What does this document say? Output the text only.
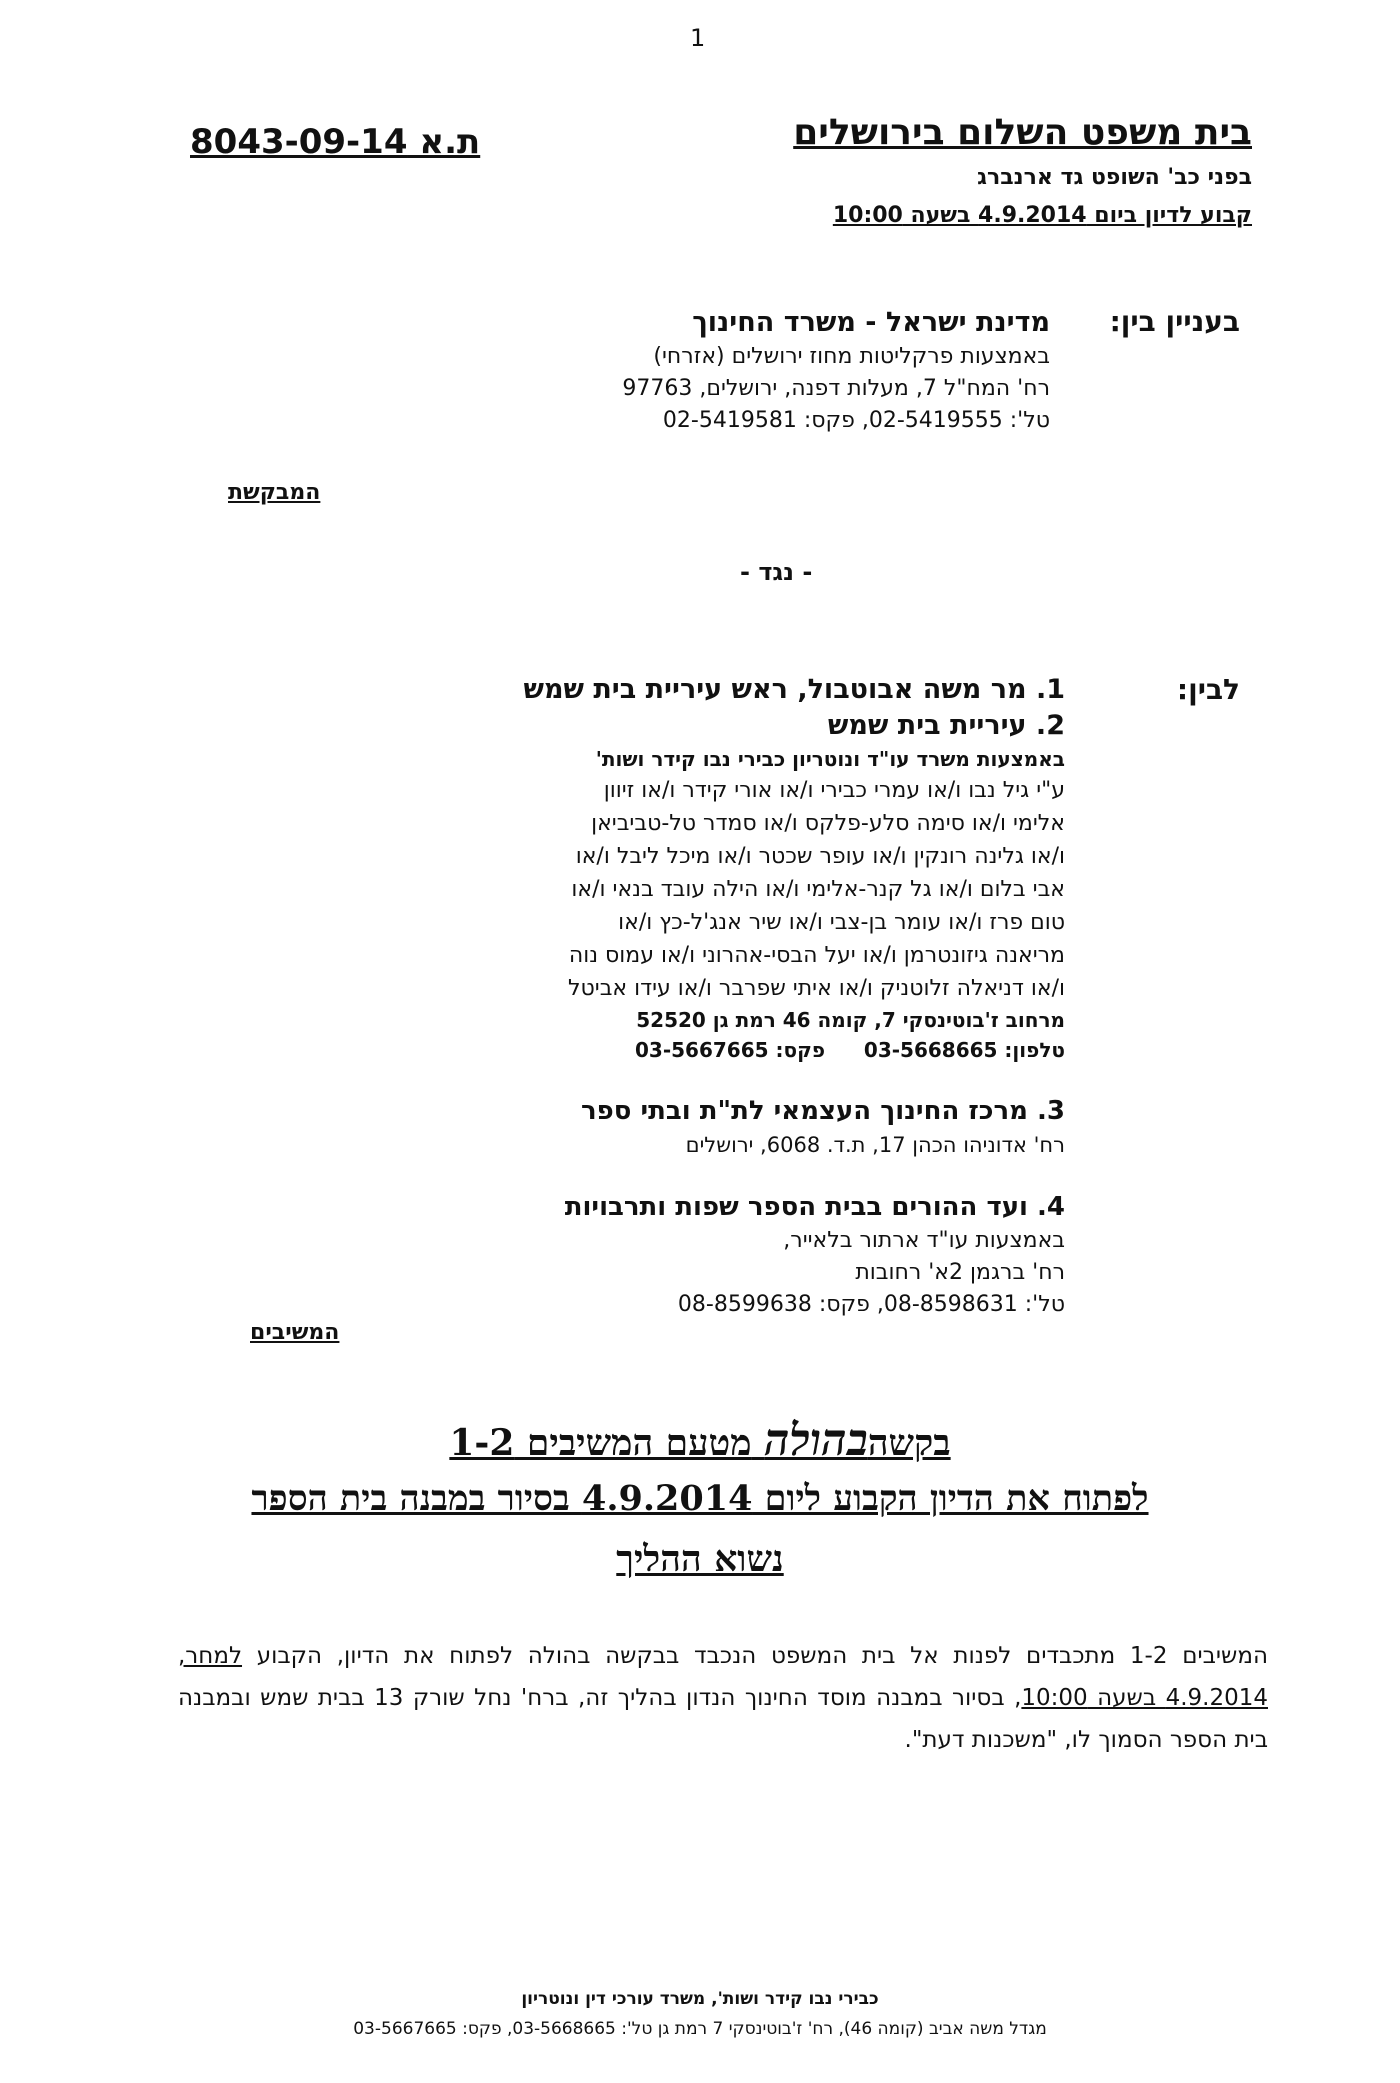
1
ת.א 8043-09-14	בית משפט השלום בירושלים
בפני כב' השופט גד ארנברג
קבוע לדיון ביום 4.9.2014 בשעה 10:00
בעניין בין:
מדינת ישראל - משרד החינוך
באמצעות פרקליטות מחוז ירושלים (אזרחי)
רח' המח"ל 7, מעלות דפנה, ירושלים, 97763
טל': 02-5419555, פקס: 02-5419581
המבקשת
- נגד -
לבין:
1. מר משה אבוטבול, ראש עיריית בית שמש
2. עיריית בית שמש
באמצעות משרד עו"ד ונוטריון כבירי נבו קידר ושות'
ע"י גיל נבו ו/או עמרי כבירי ו/או אורי קידר ו/או זיוון
אלימי ו/או סימה סלע-פלקס ו/או סמדר טל-טביביאן
ו/או גלינה רונקין ו/או עופר שכטר ו/או מיכל ליבל ו/או
אבי בלום ו/או גל קנר-אלימי ו/או הילה עובד בנאי ו/או
טום פרז ו/או עומר בן-צבי ו/או שיר אנג'ל-כץ ו/או
מריאנה גיזונטרמן ו/או יעל הבסי-אהרוני ו/או עמוס נוה
ו/או דניאלה זלוטניק ו/או איתי שפרבר ו/או עידו אביטל
מרחוב ז'בוטינסקי 7, קומה 46 רמת גן 52520
טלפון: 03-5668665
פקס: 03-5667665
3. מרכז החינוך העצמאי לת"ת ובתי ספר
רח' אדוניהו הכהן 17, ת.ד. 6068, ירושלים
4. ועד ההורים בבית הספר שפות ותרבויות
באמצעות עו"ד ארתור בלאייר,
רח' ברגמן 2א' רחובות
טל': 08-8598631, פקס: 08-8599638
המשיבים
בקשהבהולה מטעם המשיבים 1-2
לפתוח את הדיון הקבוע ליום 4.9.2014 בסיור במבנה בית הספר
נשוא ההליך
המשיבים 1-2 מתכבדים לפנות אל בית המשפט הנכבד בבקשה בהולה לפתוח את הדיון, הקבוע למחר, 4.9.2014 בשעה 10:00, בסיור במבנה מוסד החינוך הנדון בהליך זה, ברח' נחל שורק 13 בבית שמש ובמבנה בית הספר הסמוך לו, "משכנות דעת".
כבירי נבו קידר ושות', משרד עורכי דין ונוטריון
מגדל משה אביב (קומה 46), רח' ז'בוטינסקי 7 רמת גן טל': 03-5668665, פקס: 03-5667665
